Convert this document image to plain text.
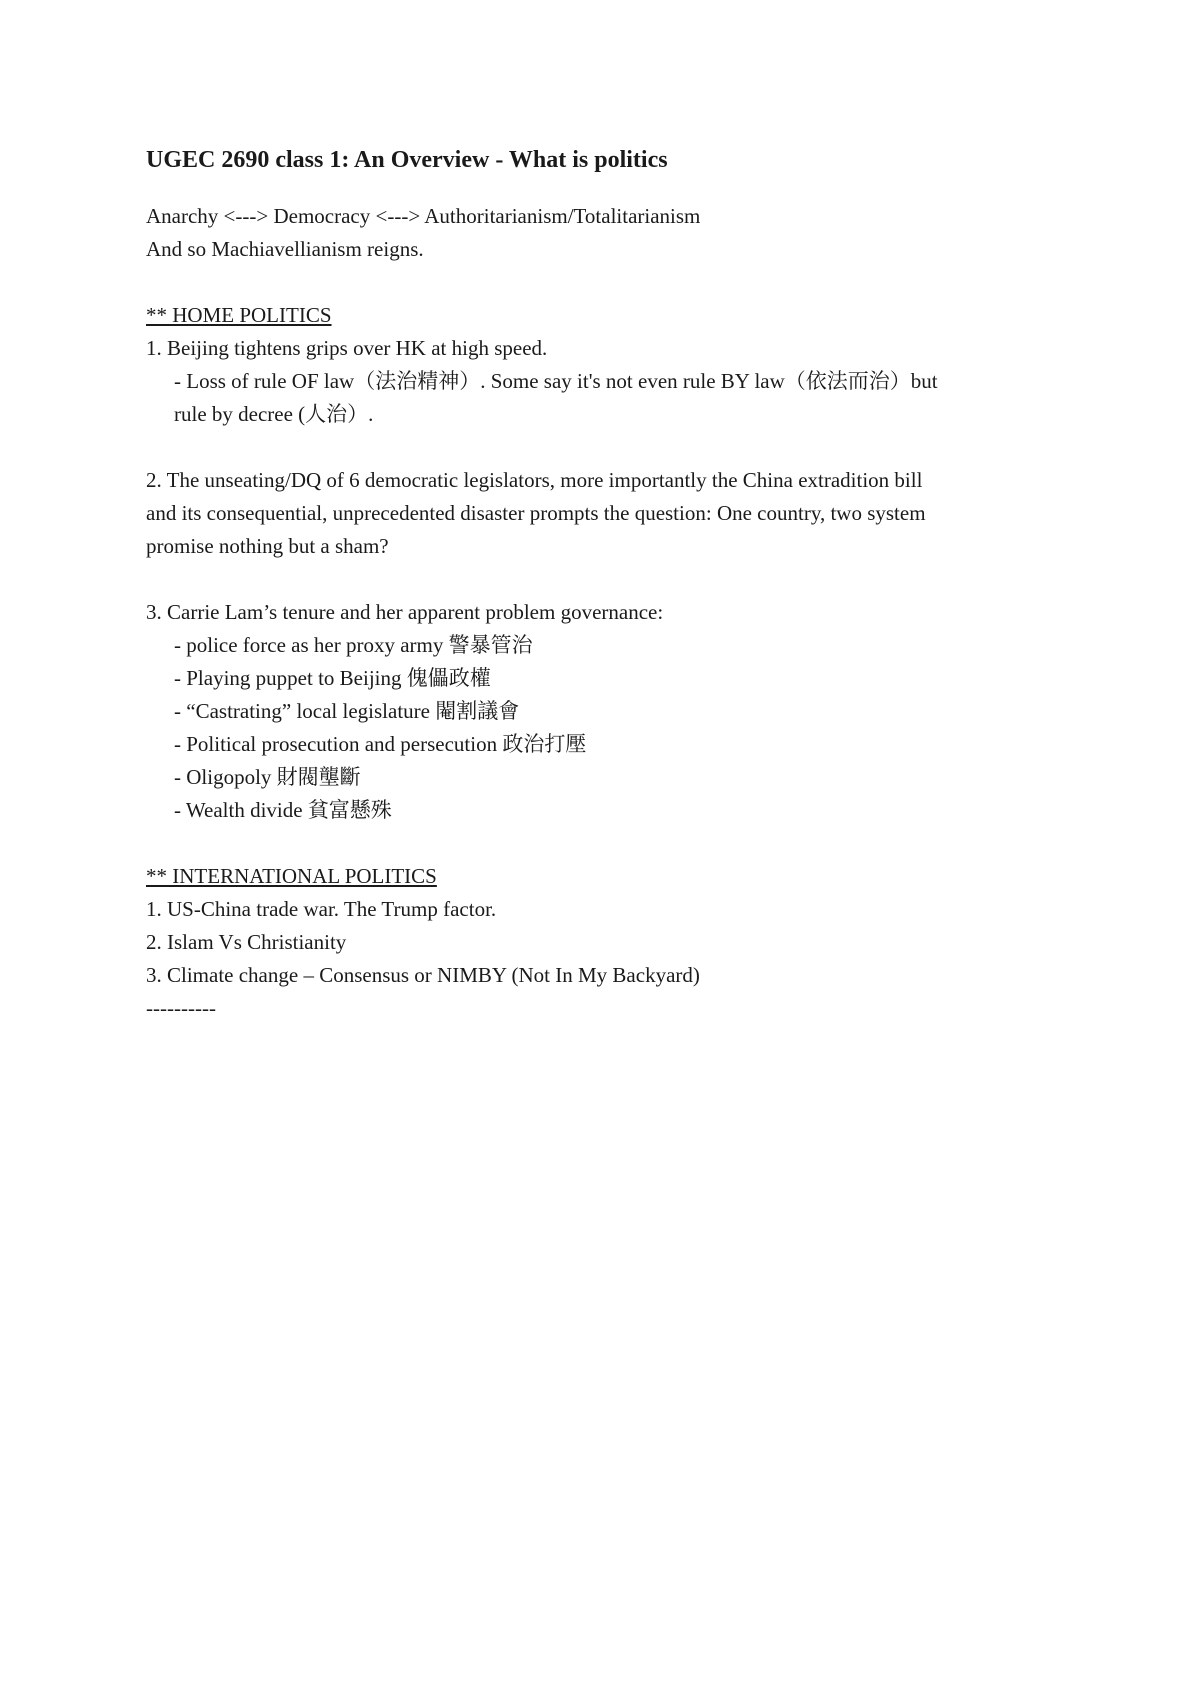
UGEC 2690 class 1: An Overview - What is politics
Anarchy <---> Democracy <---> Authoritarianism/Totalitarianism
And so Machiavellianism reigns.
** HOME POLITICS
1. Beijing tightens grips over HK at high speed.
- Loss of rule OF law（法治精神）. Some say it's not even rule BY law（依法而治）but
rule by decree (人治）.
2. The unseating/DQ of 6 democratic legislators, more importantly the China extradition bill
and its consequential, unprecedented disaster prompts the question: One country, two system
promise nothing but a sham?
3. Carrie Lam’s tenure and her apparent problem governance:
- police force as her proxy army 警暴管治
- Playing puppet to Beijing 傀儡政權
- “Castrating” local legislature 閹割議會
- Political prosecution and persecution 政治打壓
- Oligopoly 財閥壟斷
- Wealth divide 貧富懸殊
** INTERNATIONAL POLITICS
1. US-China trade war. The Trump factor.
2. Islam Vs Christianity
3. Climate change – Consensus or NIMBY (Not In My Backyard)
----------
